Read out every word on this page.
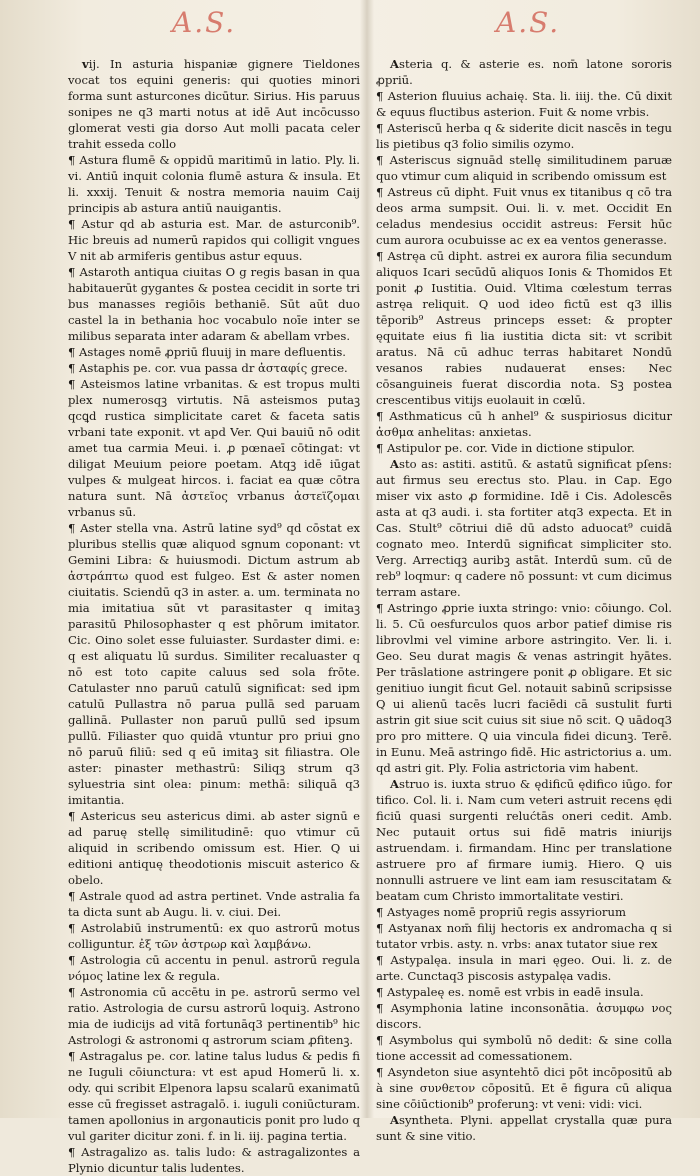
A.S.	A.S.

vij. In asturia hispaniæ gignere Tieldones vocat tos equini generis: qui quoties minori forma sunt asturcones dicūtur. Sirius. His paruus sonipes ne q3 marti notus at idē Aut incōcusso glomerat vesti gia dorso Aut molli pacata celer trahit esseda collo

¶ Astura flumē & oppidū maritimū in latio. Ply. li. vi. Antiū inquit colonia flumē astura & insula. Et li. xxxij. Tenuit & nostra memoria nauim Caij principis ab astura antiū nauigantis.

¶ Astur qd ab asturia est. Mar. de asturconib⁹. Hic breuis ad numerū rapidos qui colligit vngues V nit ab armiferis gentibus astur equus.

¶ Astaroth antiqua ciuitas O g regis basan in qua habitauerūt gygantes & postea cecidit in sorte tri bus manasses regiōis bethaniē. Sūt aūt duo castel la in bethania hoc vocabulo noīe inter se milibus separata inter adaram & abellam vrbes.

¶ Astages nomē ꝓpriū fluuij in mare defluentis.

¶ Astaphis pe. cor. vua passa dr ἀσταφίς grece.

¶ Asteismos latine vrbanitas. & est tropus multi plex numerosqꝫ virtutis. Nā asteismos putaꝫ qcꝗd rustica simplicitate caret & faceta satis vrbani tate exponit. vt apd Ver. Qui bauiū nō odit amet tua carmia Meui. i. ꝓ pœnaeī cōtingat: vt diligat Meuium peiore poetam. Atqꝫ idē iūgat vulpes & mulgeat hircos. i. faciat ea quæ cōtra natura sunt. Nā ἀστεῖος vrbanus ἀστεϊζομαι vrbanus sū.

¶ Aster stella vna. Astrū latine syd⁹ qd cōstat ex pluribus stellis quæ aliquod sgnum coponant: vt Gemini Libra: & huiusmodi. Dictum astrum ab ἀστράπτω quod est fulgeo. Est & aster nomen ciuitatis. Sciendū q3 in aster. a. um. terminata no mia imitatiua sūt vt parasitaster q imitaꝫ parasitū Philosophaster q est phōrum imitator. Cic. Oino solet esse fuluiaster. Surdaster dimi. e: q est aliquatu lū surdus. Similiter recaluaster q nō est toto capite caluus sed sola frōte. Catulaster nno paruū catulū significat: sed ipm catulū Pullastra nō parua pullā sed paruam gallinā. Pullaster non paruū pullū sed ipsum pullū. Filiaster quo quidā vtuntur pro priui gno nō paruū filiū: sed q eū imitaꝫ sit filiastra. Ole aster: pinaster methastrū: Siliqꝫ strum q3 syluestria sint olea: pinum: methā: siliquā q3 imitantia.

¶ Astericus seu astericus dimi. ab aster signū e ad paruę stellę similitudinē: quo vtimur cū aliquid in scribendo omissum est. Hier. Q ui editioni antiquę theodotionis miscuit asterico & obelo.

¶ Astrale quod ad astra pertinet. Vnde astralia fa ta dicta sunt ab Augu. li. v. ciui. Dei.

¶ Astrolabiū instrumentū: ex quo astrorū motus colliguntur. ἐξ τῶν ἀστρωρ καὶ λαμβάνω.

¶ Astrologia cū accentu in penul. astrorū regula νόμος latine lex & regula.

¶ Astronomia cū accētu in pe. astrorū sermo vel ratio. Astrologia de cursu astrorū loquiꝫ. Astrono mia de iudicijs ad vitā fortunāq3 pertinentib⁹ hic Astrologi & astronomi q astrorum sciam ꝓfitenꝫ.

¶ Astragalus pe. cor. latine talus ludus & pedis fi ne Iuguli cōiunctura: vt est apud Homerū li. x. ody. qui scribit Elpenora lapsu scalarū exanimatū esse cū fregisset astragalō. i. iuguli coniūcturam. tamen apollonius in argonauticis ponit pro ludo q vul gariter dicitur zoni. f. in li. iij. pagina tertia.

¶ Astragalizo as. talis ludo: & astragalizontes a Plynio dicuntur talis ludentes.

Asteria q. & asterie es. nom̄ latone sororis ꝓpriū.

¶ Asterion fluuius achaię. Sta. li. iiij. the. Cū dixit & equus fluctibus asterion. Fuit & nome vrbis.

¶ Asteriscū herba q & siderite dicit nascēs in tegu lis pietibus q3 folio similis ozymo.

¶ Asteriscus signuād stellę similitudinem paruæ quo vtimur cum aliquid in scribendo omissum est

¶ Astreus cū dipht. Fuit vnus ex titanibus q cō tra deos arma sumpsit. Oui. li. v. met. Occidit En celadus mendesius occidit astreus: Fersit hūc cum aurora ocubuisse ac ex ea ventos generasse.

¶ Astręa cū dipht. astrei ex aurora filia secundum aliquos Icari secūdū aliquos Ionis & Thomidos Et ponit ꝓ Iustitia. Ouid. Vltima cœlestum terras astręa reliquit. Q uod ideo fictū est q3 illis tēporib⁹ Astreus princeps esset: & propter ęquitate eius fi lia iustitia dicta sit: vt scribit aratus. Nā cū adhuc terras habitaret Nondū vesanos rabies nudauerat enses: Nec cōsanguineis fuerat discordia nota. Sꝫ postea crescentibus vitijs euolauit in cœlū.

¶ Asthmaticus cū h anhel⁹ & suspiriosus dicitur ἀσθμα anhelitas: anxietas.

¶ Astipulor pe. cor. Vide in dictione stipulor.

Asto as: astiti. astitū. & astatū significat pſens: aut firmus seu erectus sto. Plau. in Cap. Ego miser vix asto ꝓ formidine. Idē i Cis. Adolescēs asta at q3 audi. i. sta fortiter atq3 expecta. Et in Cas. Stult⁹ cōtriui diē dū adsto aduocat⁹ cuidā cognato meo. Interdū significat simpliciter sto. Verg. Arrectiqꝫ auribꝫ astāt. Interdū sum. cū de reb⁹ loqmur: q cadere nō possunt: vt cum dicimus terram astare.

¶ Astringo ꝓprie iuxta stringo: vnio: cōiungo. Col. li. 5. Cū oesfurculos quos arbor patief dimise ris librovlmi vel vimine arbore astringito. Ver. li. i. Geo. Seu durat magis & venas astringit hyātes. Per trāslatione astringere ponit ꝓ obligare. Et sic genitiuo iungit ficut Gel. notauit sabinū scripsisse Q ui alienū tacēs lucri faciēdi cā sustulit furti astrin git siue scit cuius sit siue nō scit. Q uādoq3 pro pro mittere. Q uia vincula fidei dicunꝫ. Terē. in Eunu. Meā astringo fidē. Hic astrictorius a. um. qd astri git. Ply. Folia astrictoria vim habent.

Astruo is. iuxta struo & ędificū ędifico iūgo. for tifico. Col. li. i. Nam cum veteri astruit recens ędi ficiū quasi surgenti relućtās oneri cedit. Amb. Nec putauit ortus sui fidē matris iniurijs astruendam. i. firmandam. Hinc per translatione astruere pro af firmare iumiꝫ. Hiero. Q uis nonnulli astruere ve lint eam iam resuscitatam & beatam cum Christo immortalitate vestiri.

¶ Astyages nomē propriū regis assyriorum

¶ Astyanax nom̄ filij hectoris ex andromacha q si tutator vrbis. asty. n. vrbs: anax tutator siue rex

¶ Astypalęa. insula in mari ęgeo. Oui. li. z. de arte. Cunctaq3 piscosis astypalęa vadis.

¶ Astypaleę es. nomē est vrbis in eadē insula.

¶ Asymphonia latine inconsonātia. ἀσυμφω νος discors.

¶ Asymbolus qui symbolū nō dedit: & sine colla tione accessit ad comessationem.

¶ Asyndeton siue asyntehtō dici pōt incōpositū ab à sine συνθετον cōpositū. Et ē figura cū aliqua sine cōiūctionib⁹ proferunꝫ: vt veni: vidi: vici.

Asyntheta. Plyni. appellat crystalla quæ pura sunt & sine vitio.
